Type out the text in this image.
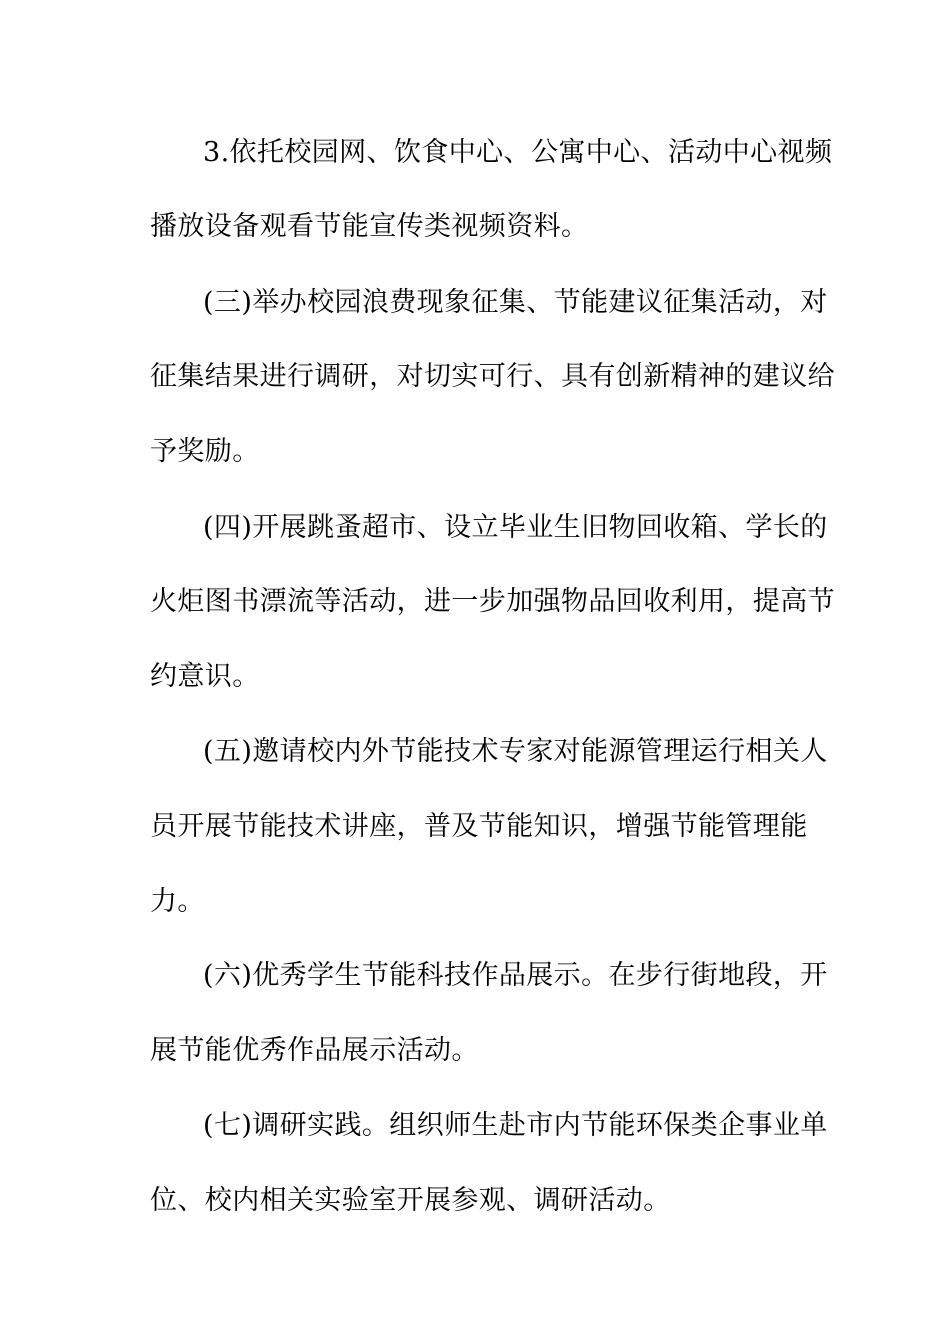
3.依托校园网、饮食中心、公寓中心、活动中心视频
播放设备观看节能宣传类视频资料。
(三)举办校园浪费现象征集、节能建议征集活动，对
征集结果进行调研，对切实可行、具有创新精神的建议给
予奖励。
(四)开展跳蚤超市、设立毕业生旧物回收箱、学长的
火炬图书漂流等活动，进一步加强物品回收利用，提高节
约意识。
(五)邀请校内外节能技术专家对能源管理运行相关人
员开展节能技术讲座，普及节能知识，增强节能管理能
力。
(六)优秀学生节能科技作品展示。在步行街地段，开
展节能优秀作品展示活动。
(七)调研实践。组织师生赴市内节能环保类企事业单
位、校内相关实验室开展参观、调研活动。
